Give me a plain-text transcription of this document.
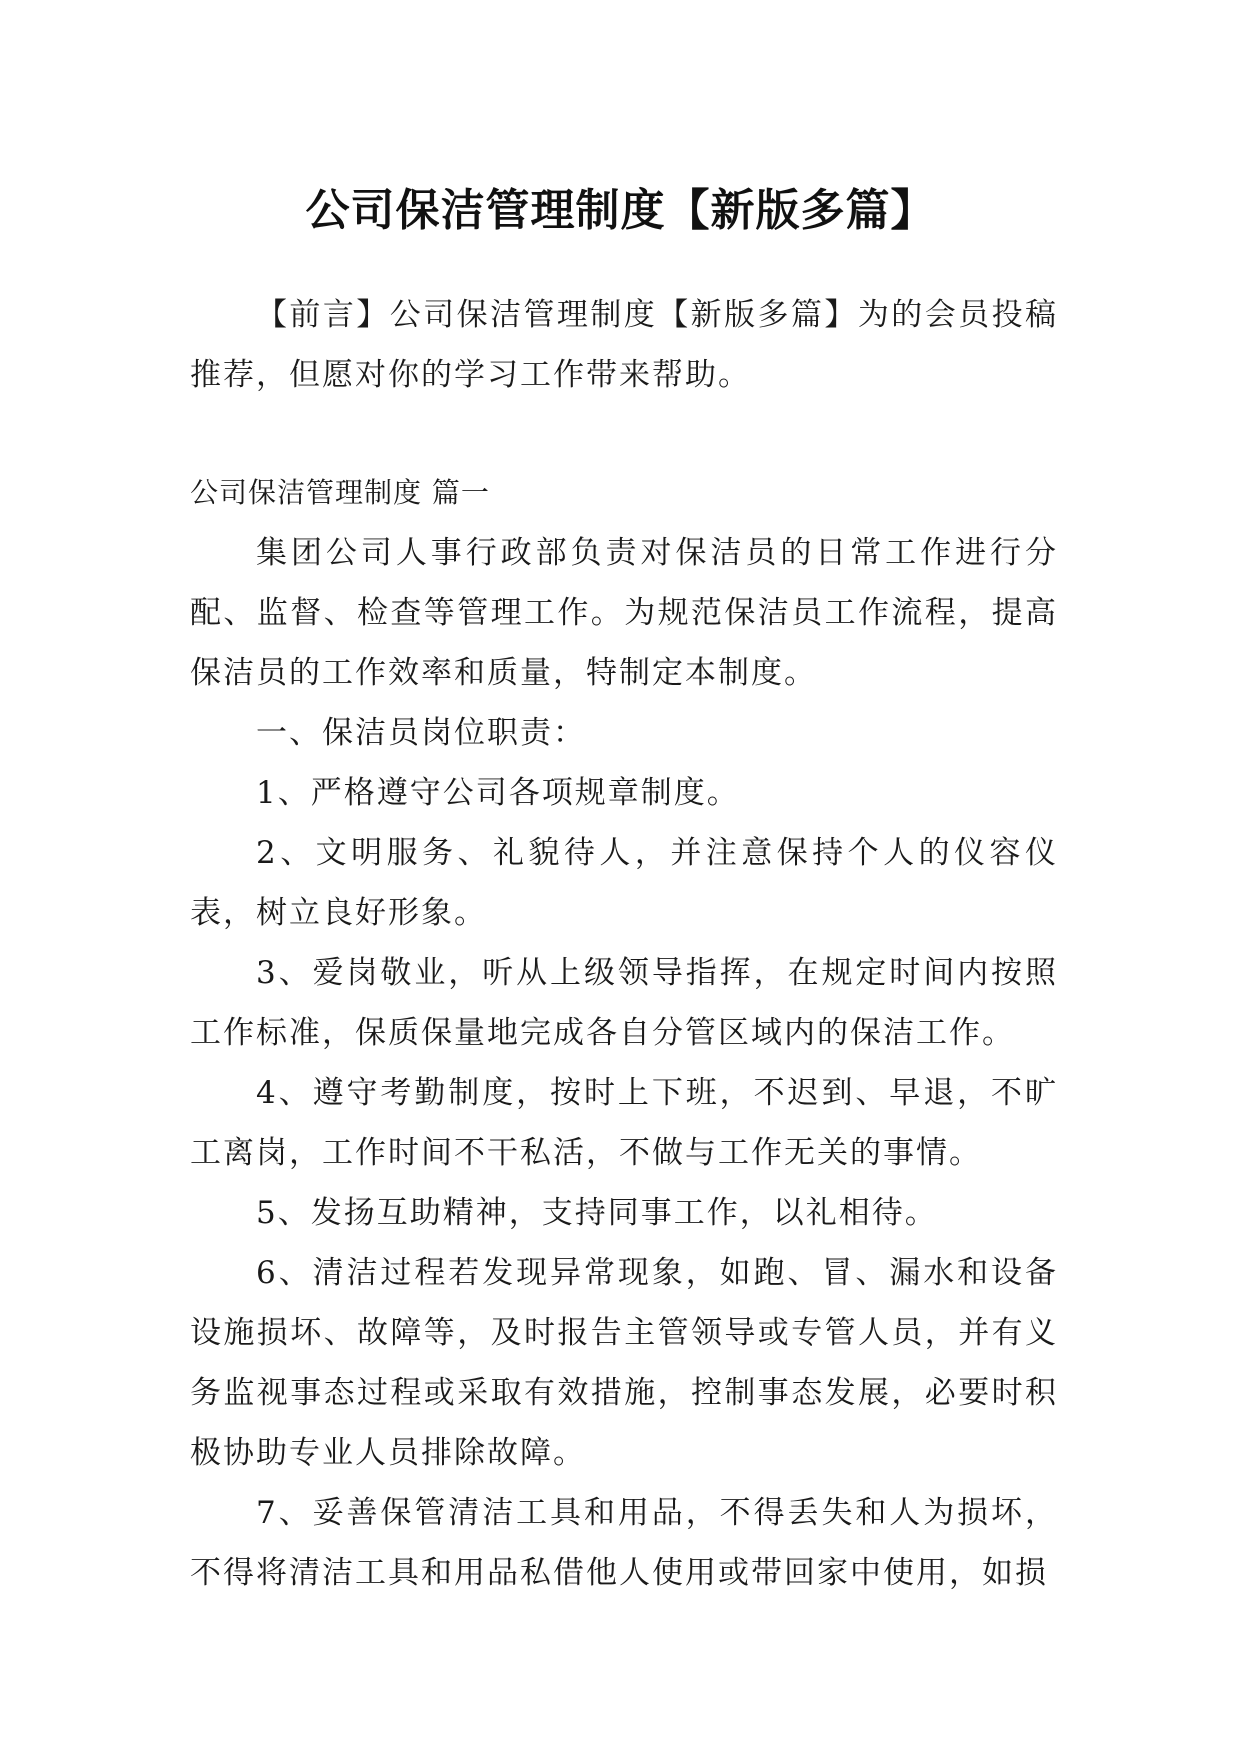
公司保洁管理制度【新版多篇】

【前言】公司保洁管理制度【新版多篇】为的会员投稿推荐，但愿对你的学习工作带来帮助。

公司保洁管理制度 篇一

集团公司人事行政部负责对保洁员的日常工作进行分配、监督、检查等管理工作。为规范保洁员工作流程，提高保洁员的工作效率和质量，特制定本制度。

一、保洁员岗位职责：

1、严格遵守公司各项规章制度。

2、文明服务、礼貌待人，并注意保持个人的仪容仪表，树立良好形象。

3、爱岗敬业，听从上级领导指挥，在规定时间内按照工作标准，保质保量地完成各自分管区域内的保洁工作。

4、遵守考勤制度，按时上下班，不迟到、早退，不旷工离岗，工作时间不干私活，不做与工作无关的事情。

5、发扬互助精神，支持同事工作，以礼相待。

6、清洁过程若发现异常现象，如跑、冒、漏水和设备设施损坏、故障等，及时报告主管领导或专管人员，并有义务监视事态过程或采取有效措施，控制事态发展，必要时积极协助专业人员排除故障。

7、妥善保管清洁工具和用品，不得丢失和人为损坏，不得将清洁工具和用品私借他人使用或带回家中使用，如损
